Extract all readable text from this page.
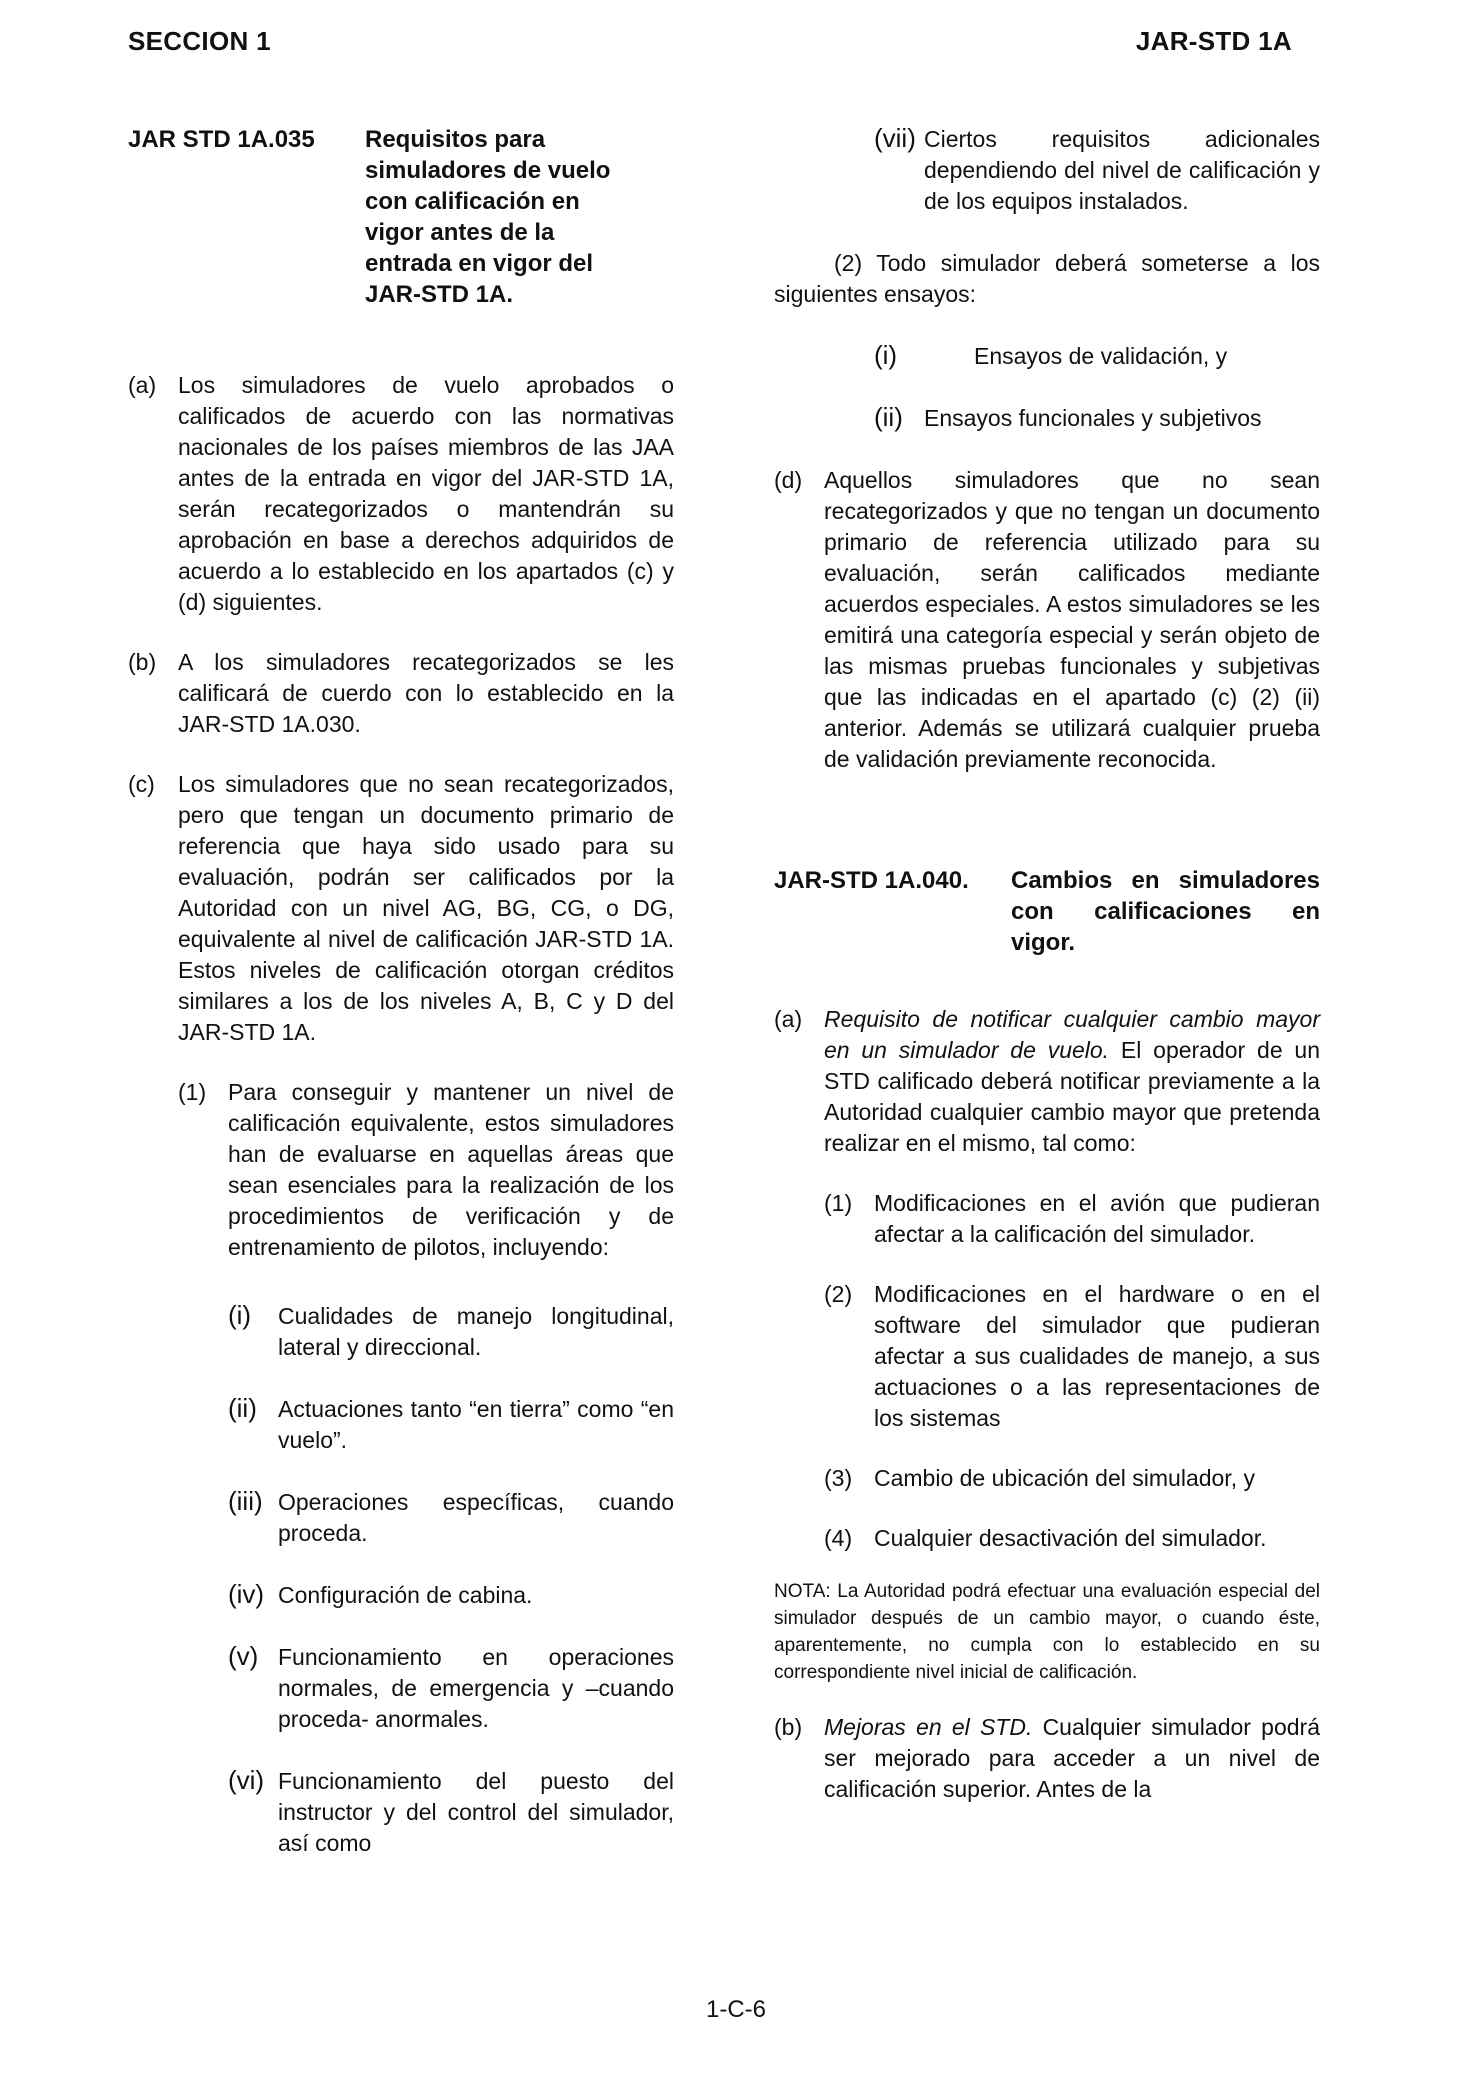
SECCION 1	JAR-STD 1A
JAR STD 1A.035	Requisitos para simuladores de vuelo con calificación en vigor antes de la entrada en vigor del JAR-STD 1A.
(a) Los simuladores de vuelo aprobados o calificados de acuerdo con las normativas nacionales de los países miembros de las JAA antes de la entrada en vigor del JAR-STD 1A, serán recategorizados o mantendrán su aprobación en base a derechos adquiridos de acuerdo a lo establecido en los apartados (c) y (d) siguientes.
(b) A los simuladores recategorizados se les calificará de cuerdo con lo establecido en la JAR-STD 1A.030.
(c)	Los simuladores que no sean recategorizados, pero que tengan un documento primario de referencia que haya sido usado para su evaluación, podrán ser calificados por la Autoridad con un nivel AG, BG, CG, o DG, equivalente al nivel de calificación JAR-STD 1A. Estos niveles de calificación otorgan créditos similares a los de los niveles A, B, C y D del JAR-STD 1A.
(1) Para conseguir y mantener un nivel de calificación equivalente, estos simuladores han de evaluarse en aquellas áreas que sean esenciales para la realización de los procedimientos de verificación y de entrenamiento de pilotos, incluyendo:
(i) Cualidades de manejo longitudinal, lateral y direccional.
(ii) Actuaciones tanto “en tierra” como “en vuelo”.
(iii) Operaciones específicas, cuando proceda.
(iv) Configuración de cabina.
(v) Funcionamiento en operaciones normales, de emergencia y –cuando proceda- anormales.
(vi) Funcionamiento del puesto del instructor y del control del simulador, así como
(vii) Ciertos requisitos adicionales dependiendo del nivel de calificación y de los equipos instalados.

(2) Todo simulador deberá someterse a los siguientes ensayos:

(i)	Ensayos de validación, y
(ii) Ensayos funcionales y subjetivos
(d) Aquellos simuladores que no sean recategorizados y que no tengan un documento primario de referencia utilizado para su evaluación, serán calificados mediante acuerdos especiales. A estos simuladores se les emitirá una categoría especial y serán objeto de las mismas pruebas funcionales y subjetivas que las indicadas en el apartado (c) (2) (ii) anterior. Además se utilizará cualquier prueba de validación previamente reconocida.
JAR-STD 1A.040.	Cambios en simuladores con calificaciones en vigor.
(a) Requisito de notificar cualquier cambio mayor en un simulador de vuelo. El operador de un STD calificado deberá notificar previamente a la Autoridad cualquier cambio mayor que pretenda realizar en el mismo, tal como:
(1) Modificaciones en el avión que pudieran afectar a la calificación del simulador.
(2) Modificaciones en el hardware o en el software del simulador que pudieran afectar a sus cualidades de manejo, a sus actuaciones o a las representaciones de los sistemas
(3) Cambio de ubicación del simulador, y
(4) Cualquier desactivación del simulador.

NOTA: La Autoridad podrá efectuar una evaluación especial del simulador después de un cambio mayor, o cuando éste, aparentemente, no cumpla con lo establecido en su correspondiente nivel inicial de calificación.

(b) Mejoras en el STD. Cualquier simulador podrá ser mejorado para acceder a un nivel de calificación superior. Antes de la
1-C-6
